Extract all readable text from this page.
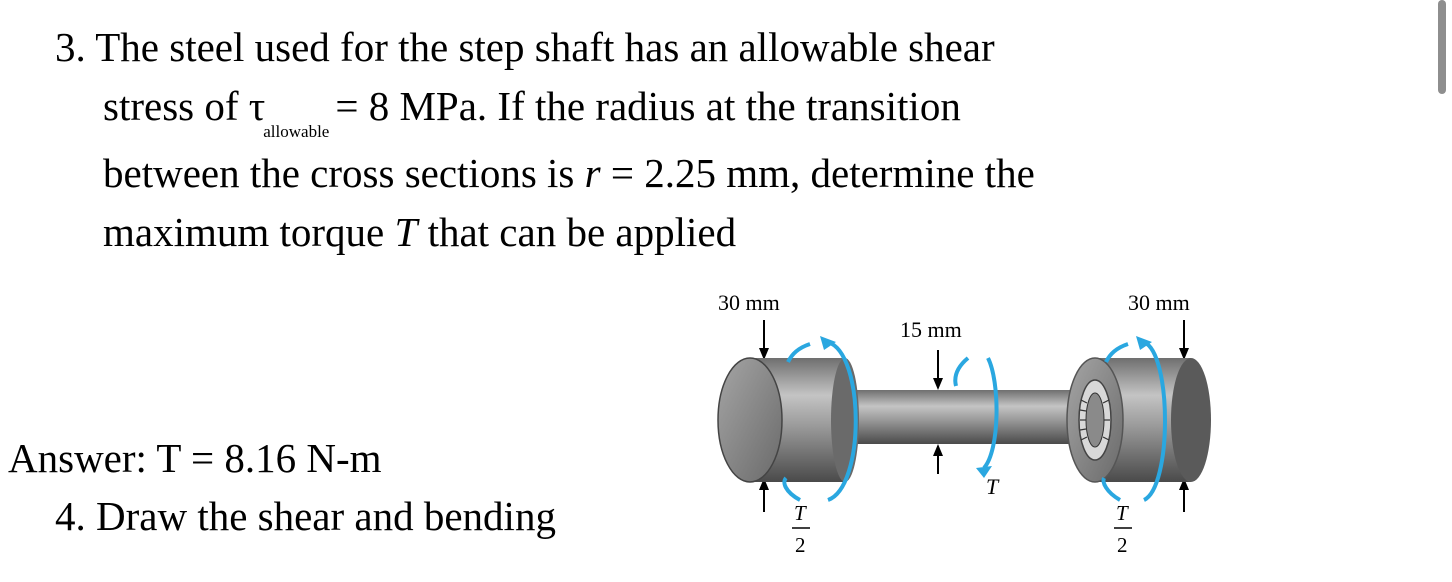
3. The steel used for the step shaft has an allowable shear
stress of $\tau_{allowable}= 8$ MPa. If the radius at the transition
between the cross sections is r = 2.25 mm, determine the
maximum torque T that can be applied
Answer: T = 8.16 N-m
4. Draw the shear and bending
30 mm
15 mm
30 mm
T
T
2
T
2
